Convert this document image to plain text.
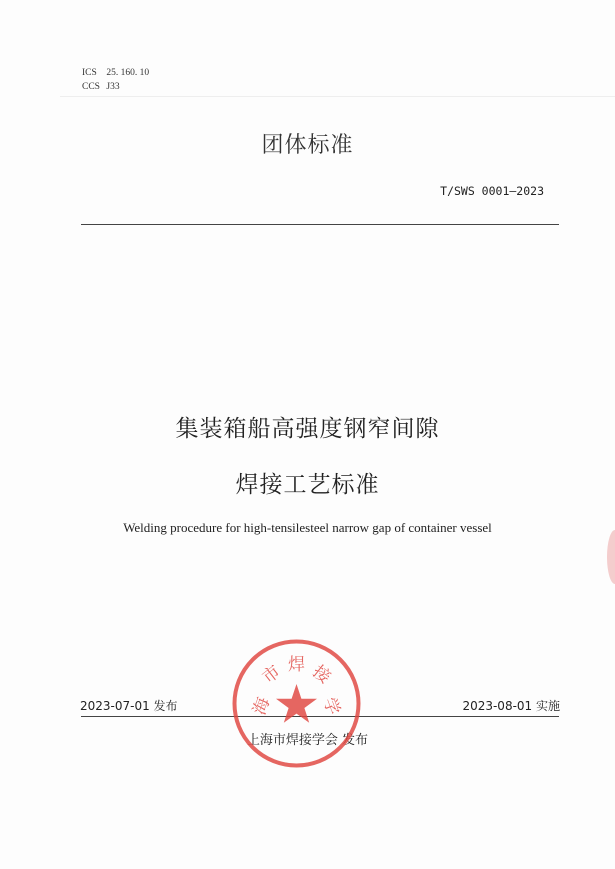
ICS 25. 160. 10
CCS J33
团体标准
T/SWS 0001—2023
集装箱船高强度钢窄间隙
焊接工艺标准
Welding procedure for high-tensilesteel narrow gap of container vessel
2023-07-01 发布	2023-08-01 实施
上海市焊接学会 发布
海
市 焊 接
学
